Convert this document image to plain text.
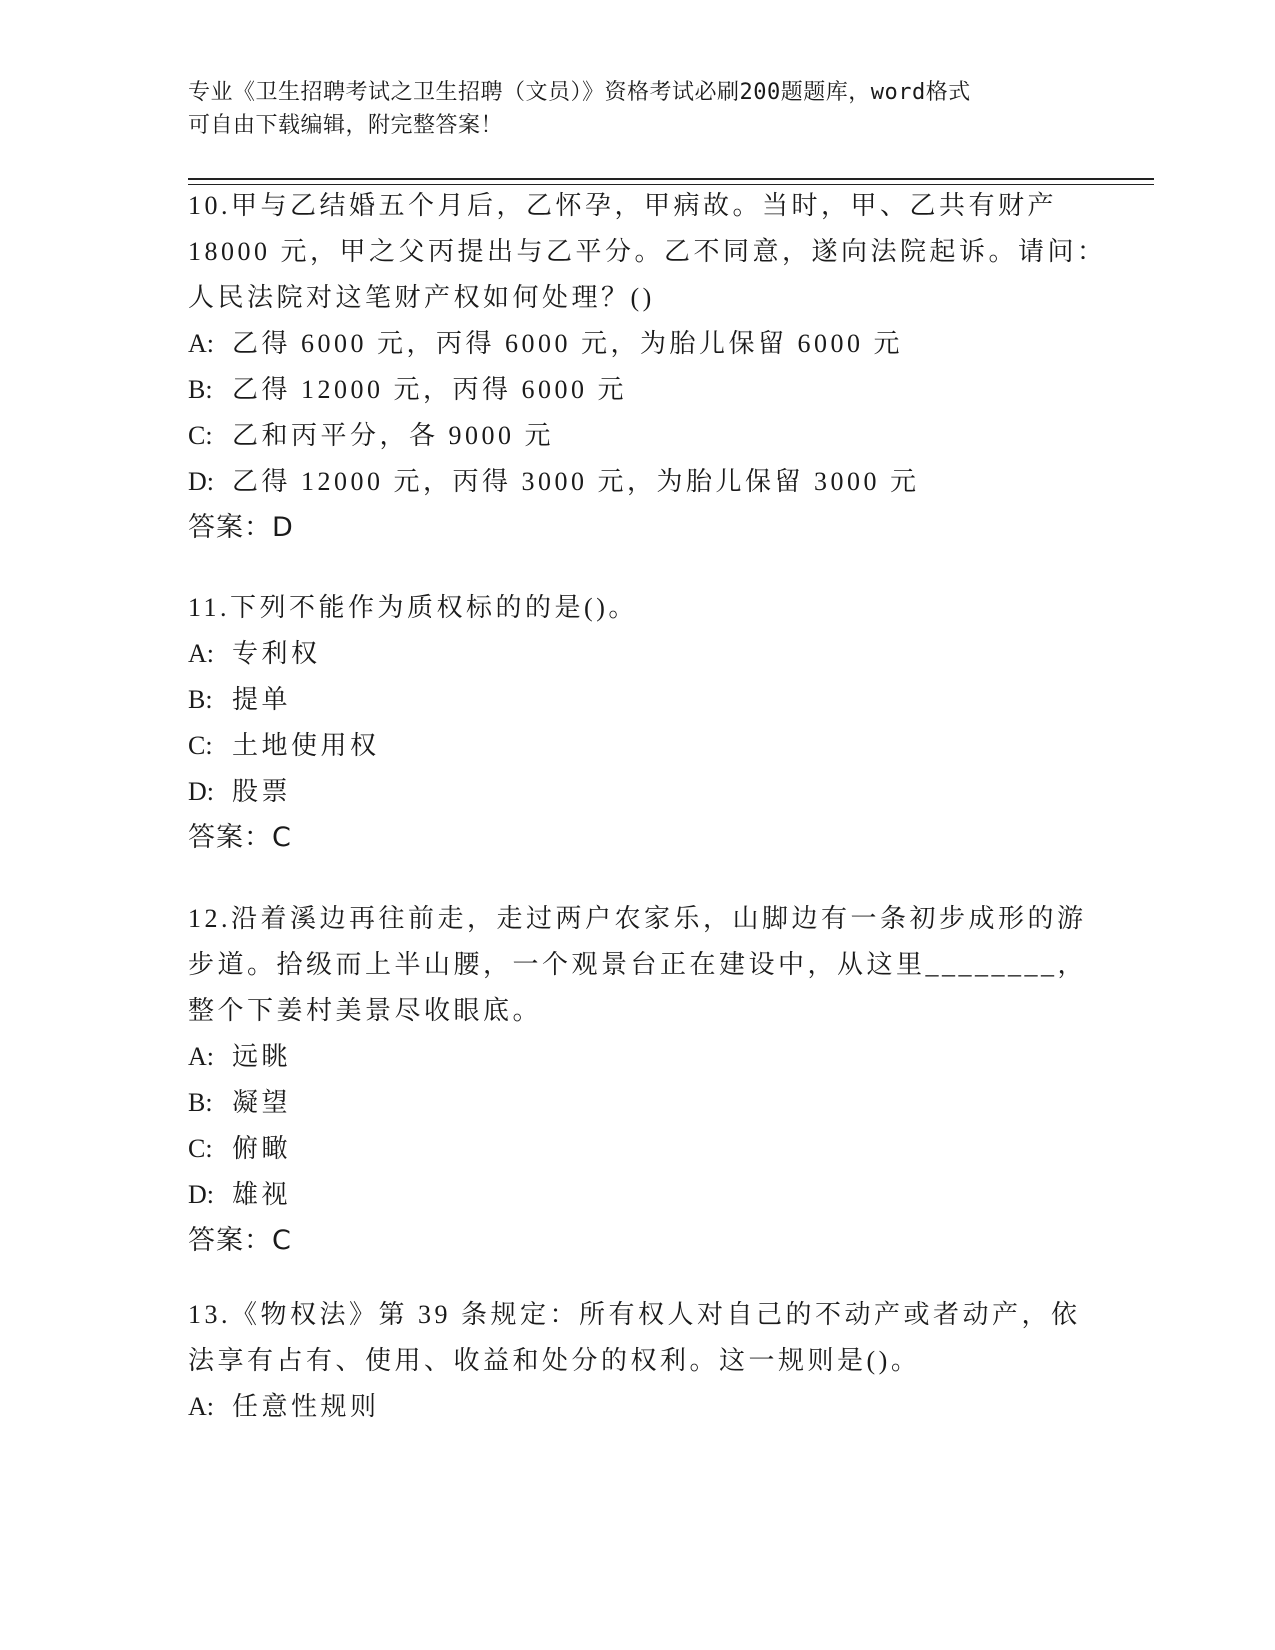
专业《卫生招聘考试之卫生招聘（文员）》资格考试必刷200题题库，word格式
可自由下载编辑，附完整答案！
10.甲与乙结婚五个月后，乙怀孕，甲病故。当时，甲、乙共有财产
18000 元，甲之父丙提出与乙平分。乙不同意，遂向法院起诉。请问：
人民法院对这笔财产权如何处理？()
A: 乙得 6000 元，丙得 6000 元，为胎儿保留 6000 元
B: 乙得 12000 元，丙得 6000 元
C: 乙和丙平分，各 9000 元
D: 乙得 12000 元，丙得 3000 元，为胎儿保留 3000 元
答案：D
11.下列不能作为质权标的的是()。
A: 专利权
B: 提单
C: 土地使用权
D: 股票
答案：C
12.沿着溪边再往前走，走过两户农家乐，山脚边有一条初步成形的游
步道。拾级而上半山腰，一个观景台正在建设中，从这里________，
整个下姜村美景尽收眼底。
A: 远眺
B: 凝望
C: 俯瞰
D: 雄视
答案：C
13.《物权法》第 39 条规定：所有权人对自己的不动产或者动产，依
法享有占有、使用、收益和处分的权利。这一规则是()。
A: 任意性规则
